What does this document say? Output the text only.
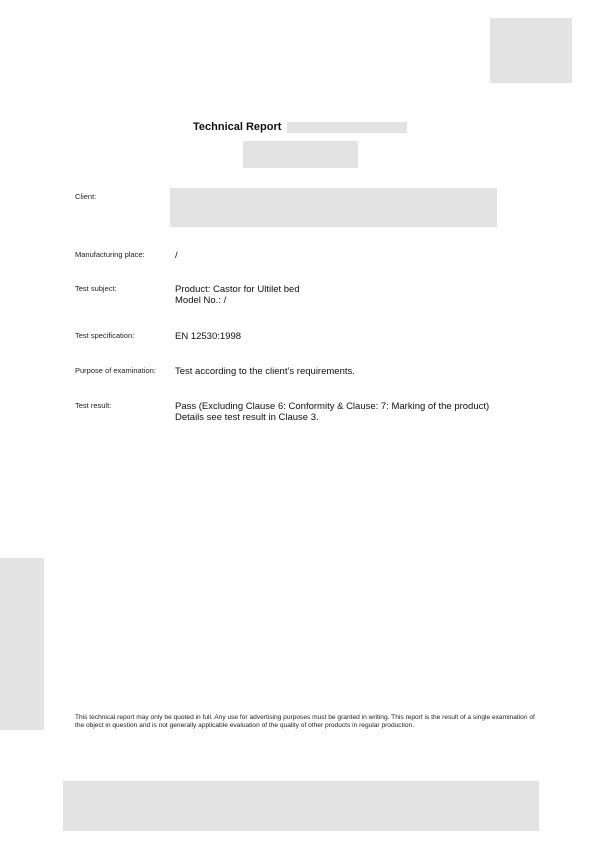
Technical Report
Client:
Manufacturing place:	/
Test subject:	Product: Castor for Ultilet bed
Model No.: /
Test specification:	EN 12530:1998
Purpose of examination: Test according to the client’s requirements.
Test result:	Pass (Excluding Clause 6: Conformity & Clause: 7: Marking of the product)
Details see test result in Clause 3.
This technical report may only be quoted in full. Any use for advertising purposes must be granted in writing. This report is the result of a single examination of the object in question and is not generally applicable evaluation of the quality of other products in regular production.
